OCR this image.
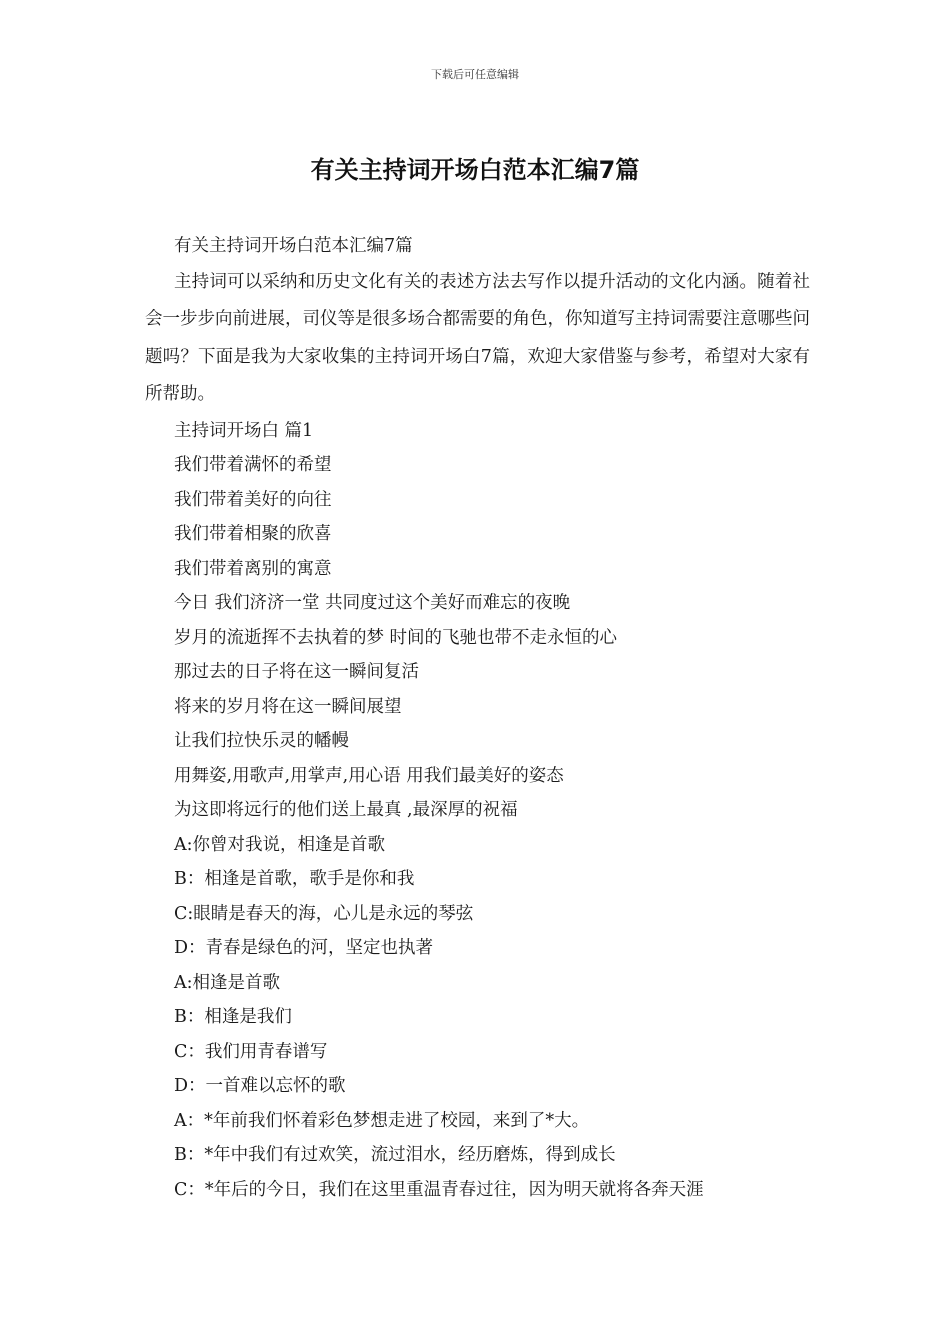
下载后可任意编辑
有关主持词开场白范本汇编7篇

有关主持词开场白范本汇编7篇

主持词可以采纳和历史文化有关的表述方法去写作以提升活动的文化内涵。随着社会一步步向前进展，司仪等是很多场合都需要的角色，你知道写主持词需要注意哪些问题吗？下面是我为大家收集的主持词开场白7篇，欢迎大家借鉴与参考，希望对大家有所帮助。

主持词开场白 篇1

我们带着满怀的希望

我们带着美好的向往

我们带着相聚的欣喜

我们带着离别的寓意

今日 我们济济一堂 共同度过这个美好而难忘的夜晚

岁月的流逝挥不去执着的梦 时间的飞驰也带不走永恒的心

那过去的日子将在这一瞬间复活

将来的岁月将在这一瞬间展望

让我们拉快乐灵的幡幔

用舞姿,用歌声,用掌声,用心语 用我们最美好的姿态

为这即将远行的他们送上最真 ,最深厚的祝福

A:你曾对我说，相逢是首歌

B：相逢是首歌，歌手是你和我

C:眼睛是春天的海，心儿是永远的琴弦

D：青春是绿色的河，坚定也执著

A:相逢是首歌

B：相逢是我们

C：我们用青春谱写

D：一首难以忘怀的歌

A：*年前我们怀着彩色梦想走进了校园，来到了*大。

B：*年中我们有过欢笑，流过泪水，经历磨炼，得到成长

C：*年后的今日，我们在这里重温青春过往，因为明天就将各奔天涯
